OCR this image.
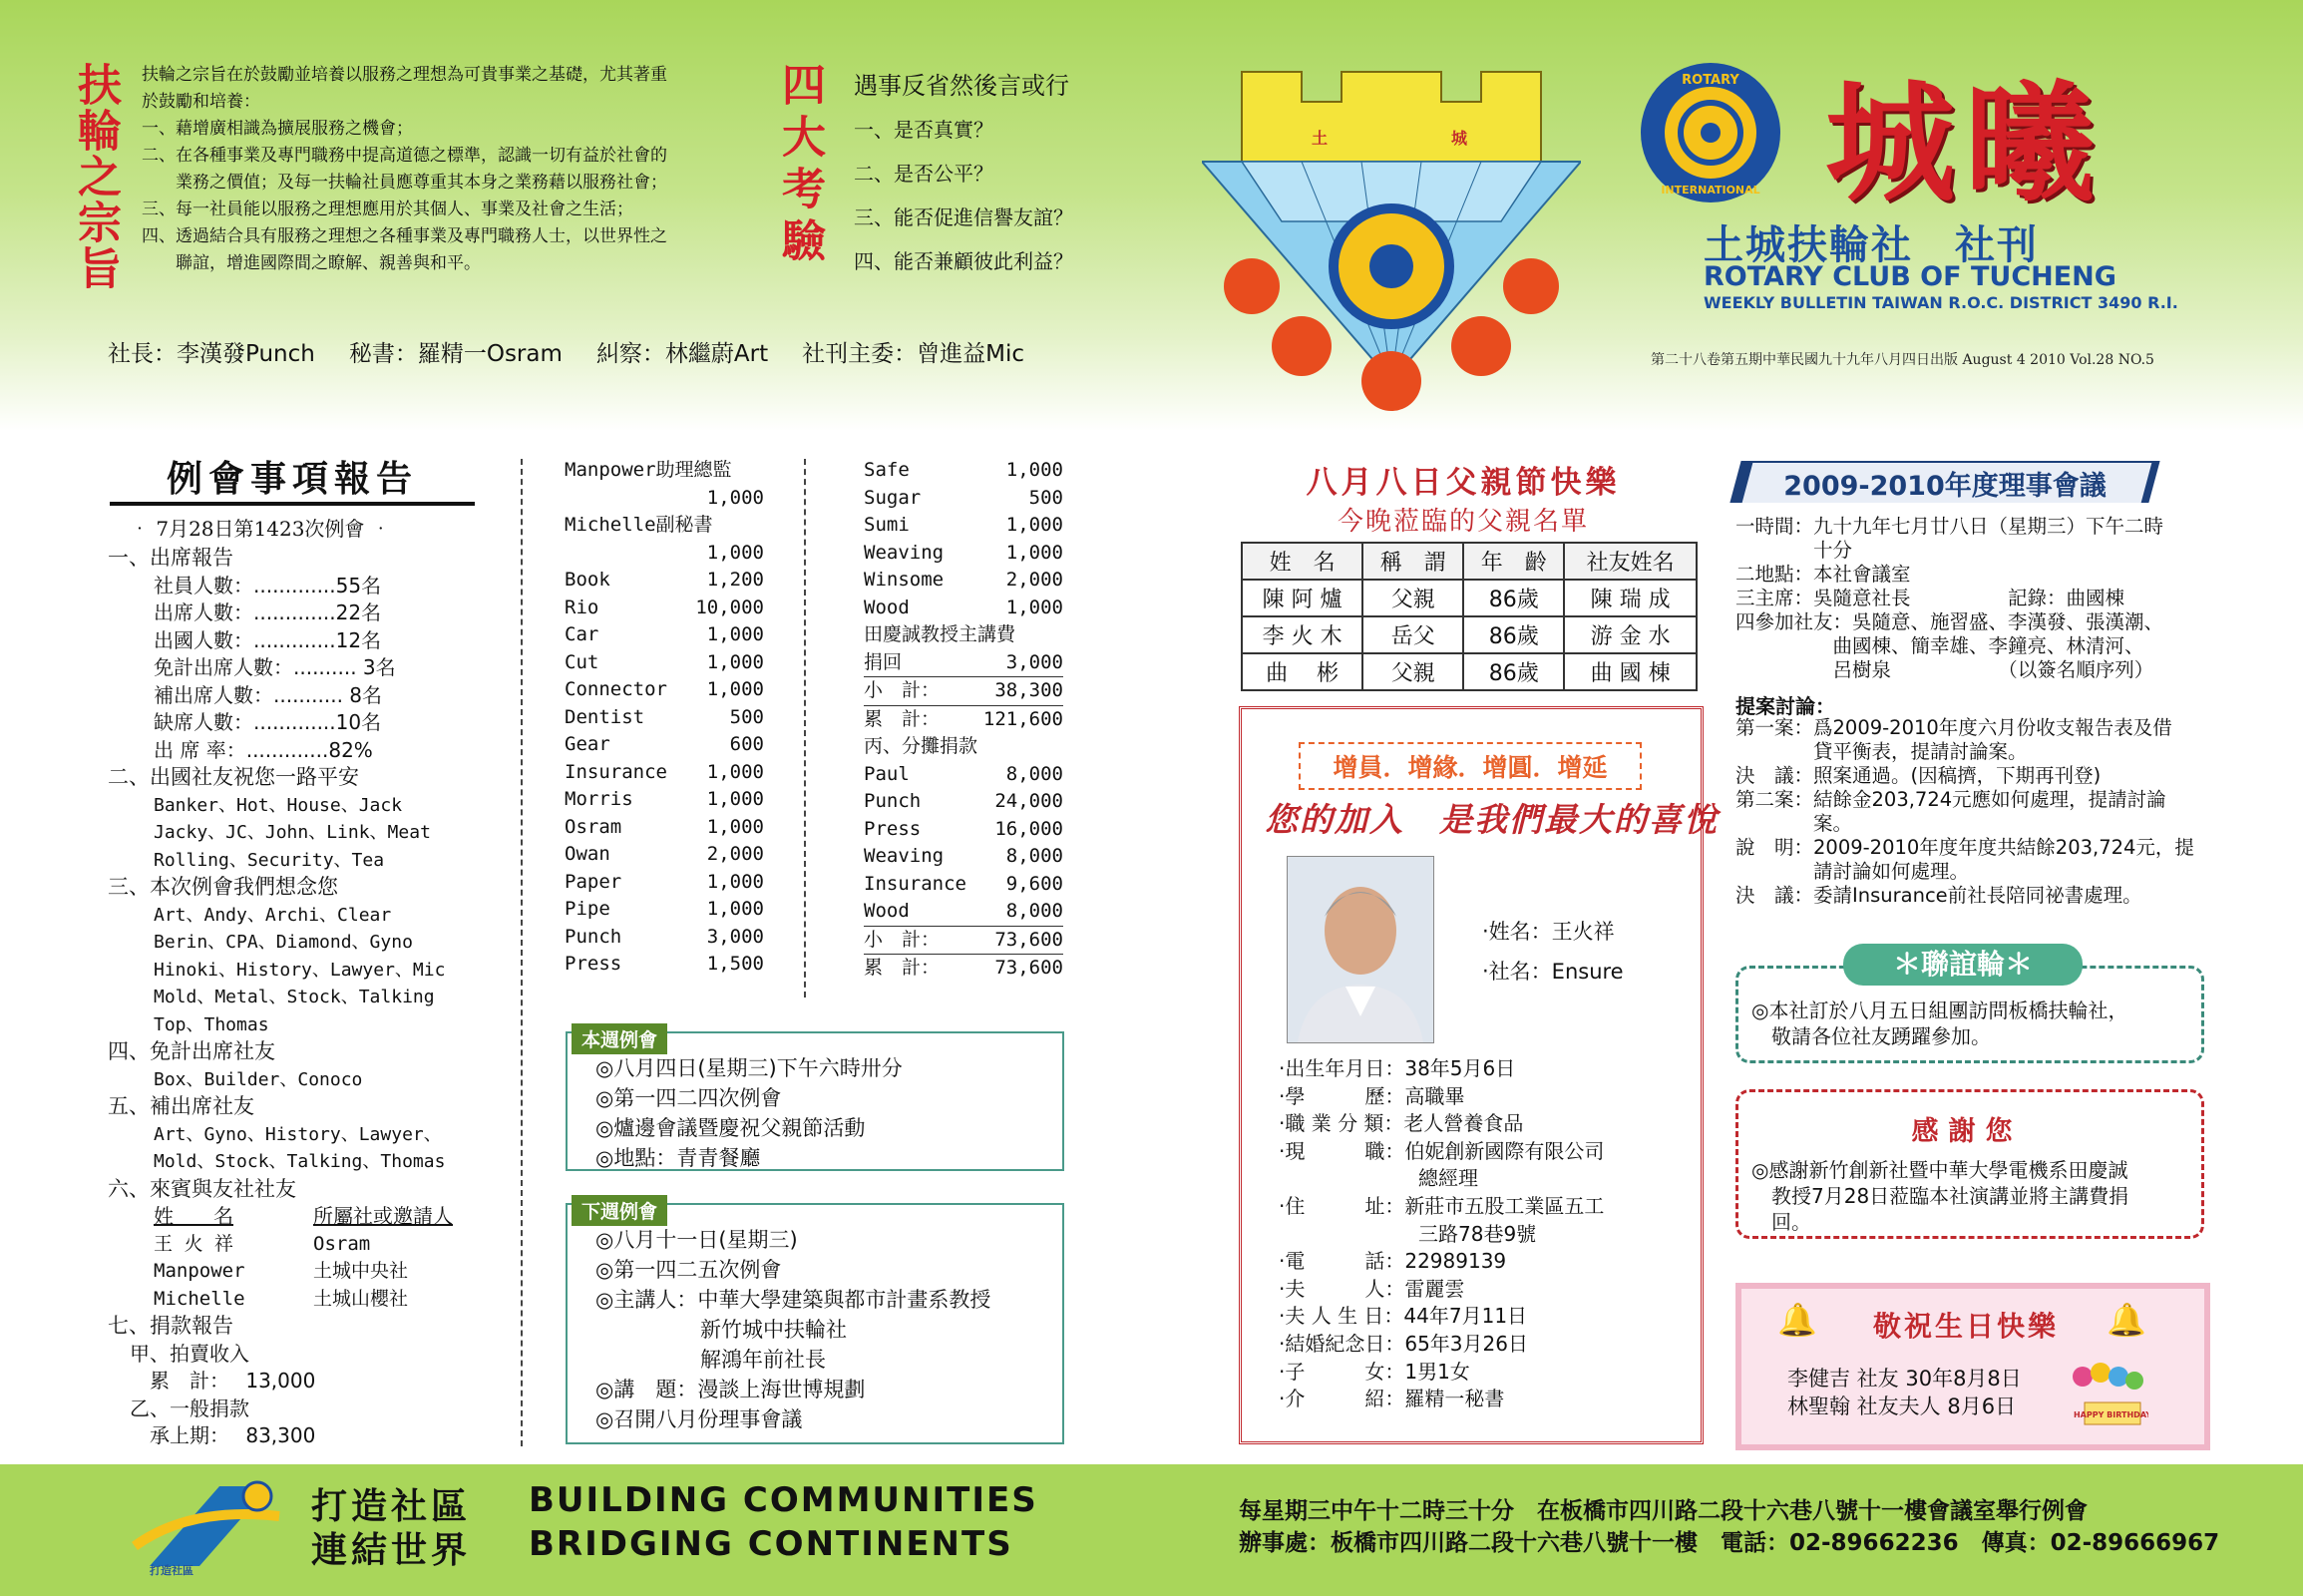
扶輪之宗旨 扶輪之宗旨在於鼓勵並培養以服務之理想為可貴事業之基礎，尤其著重
於鼓勵和培養：
一、藉增廣相識為擴展服務之機會；
二、在各種事業及專門職務中提高道德之標準，認識一切有益於社會的
　　業務之價值；及每一扶輪社員應尊重其本身之業務藉以服務社會；
三、每一社員能以服務之理想應用於其個人、事業及社會之生活；
四、透過結合具有服務之理想之各種事業及專門職務人士，以世界性之
　　聯誼，增進國際間之瞭解、親善與和平。	四大考驗 遇事反省然後言或行
一、是否真實？
二、是否公平？
三、能否促進信譽友誼？
四、能否兼顧彼此利益？
社長：李漢發Punch 秘書：羅精一Osram 糾察：林繼蔚Art 社刊主委：曾進益Mic
土	城
ROTARY
INTERNATIONAL 城曦
土城扶輪社　社刊
ROTARY CLUB OF TUCHENG
WEEKLY BULLETIN TAIWAN R.O.C. DISTRICT 3490 R.I.
第二十八卷第五期中華民國九十九年八月四日出版 August 4 2010 Vol.28 NO.5
例會事項報告
‧ 7月28日第1423次例會 ‧
一、出席報告
社員人數：.............55名
出席人數：.............22名
出國人數：.............12名
免計出席人數：.......... 3名
補出席人數：........... 8名
缺席人數：.............10名
出 席 率：.............82%
二、出國社友祝您一路平安
Banker、Hot、House、Jack
Jacky、JC、John、Link、Meat
Rolling、Security、Tea
三、本次例會我們想念您
Art、Andy、Archi、Clear
Berin、CPA、Diamond、Gyno
Hinoki、History、Lawyer、Mic
Mold、Metal、Stock、Talking
Top、Thomas
四、免計出席社友
Box、Builder、Conoco
五、補出席社友
Art、Gyno、History、Lawyer、
Mold、Stock、Talking、Thomas
六、來賓與友社社友
姓　　名	所屬社或邀請人
王 火 祥	Osram
Manpower	土城中央社
Michelle	土城山櫻社
七、捐款報告
甲、拍賣收入
　累　計：　 13,000
乙、一般捐款
　承上期：　 83,300
Manpower助理總監
1,000
Michelle副秘書
1,000
Book	1,200
Rio	10,000
Car	1,000
Cut	1,000
Connector 1,000
Dentist	500
Gear	600
Insurance 1,000
Morris	1,000
Osram	1,000
Owan	2,000
Paper	1,000
Pipe	1,000
Punch	3,000
Press	1,500
Safe	1,000
Sugar	500
Sumi	1,000
Weaving	1,000
Winsome	2,000
Wood	1,000
田慶誠教授主講費
捐回	3,000
小　計：	38,300
累　計： 121,600
丙、分攤捐款
Paul	8,000
Punch	24,000
Press	16,000
Weaving	8,000
Insurance 9,600
Wood	8,000
小　計：	73,600
累　計：	73,600
本週例會
◎八月四日(星期三)下午六時卅分
◎第一四二四次例會
◎爐邊會議暨慶祝父親節活動
◎地點：青青餐廳
下週例會
◎八月十一日(星期三)
◎第一四二五次例會
◎主講人：中華大學建築與都市計畫系教授
　　　　　新竹城中扶輪社
　　　　　解鴻年前社長
◎講　題：漫談上海世博規劃
◎召開八月份理事會議
八月八日父親節快樂
今晚蒞臨的父親名單
姓　名	稱　謂	年　齡	社友姓名
陳 阿 爐	父親	86歲	陳 瑞 成
李 火 木	岳父	86歲	游 金 水
曲　 彬	父親	86歲	曲 國 棟
增員．增緣．增圓．增延
您的加入　是我們最大的喜悅
‧姓名：王火祥
‧社名：Ensure
‧出生年月日：38年5月6日
‧學　　　歷：高職畢
‧職 業 分 類：老人營養食品
‧現　　　職：伯妮創新國際有限公司
　　　　　　　總經理
‧住　　　址：新莊市五股工業區五工
　　　　　　　三路78巷9號
‧電　　　話：22989139
‧夫　　　人：雷麗雲
‧夫 人 生 日：44年7月11日
‧結婚紀念日：65年3月26日
‧子　　　女：1男1女
‧介　　　紹：羅精一秘書
2009-2010年度理事會議
一時間：九十九年七月廿八日（星期三）下午二時
　　　　十分
二地點：本社會議室
三主席：吳隨意社長　　　　　記錄：曲國棟
四參加社友：吳隨意、施習盛、李漢發、張漢潮、
　　　　　曲國棟、簡幸雄、李鐘亮、林清河、
　　　　　呂樹泉　　　　　　（以簽名順序列）
提案討論：
第一案：爲2009-2010年度六月份收支報告表及借
　　　　貸平衡表，提請討論案。
決　議：照案通過。(因稿擠，下期再刊登)
第二案：結餘金203,724元應如何處理，提請討論
　　　　案。
說　明：2009-2010年度年度共結餘203,724元，提
　　　　請討論如何處理。
決　議：委請Insurance前社長陪同祕書處理。
＊聯誼輪＊
◎本社訂於八月五日組團訪問板橋扶輪社，
　敬請各位社友踴躍參加。
感謝您
◎感謝新竹創新社暨中華大學電機系田慶誠
　教授7月28日蒞臨本社演講並將主講費捐
　回。
敬祝生日快樂
🔔	🔔
李健吉 社友 30年8月8日
林聖翰 社友夫人 8月6日	HAPPY BIRTHDAY
打造社區
打造社區 BUILDING COMMUNITIES
連結世界 BRIDGING CONTINENTS
每星期三中午十二時三十分　在板橋市四川路二段十六巷八號十一樓會議室舉行例會
辦事處：板橋市四川路二段十六巷八號十一樓　電話：02-89662236　傳真：02-89666967
